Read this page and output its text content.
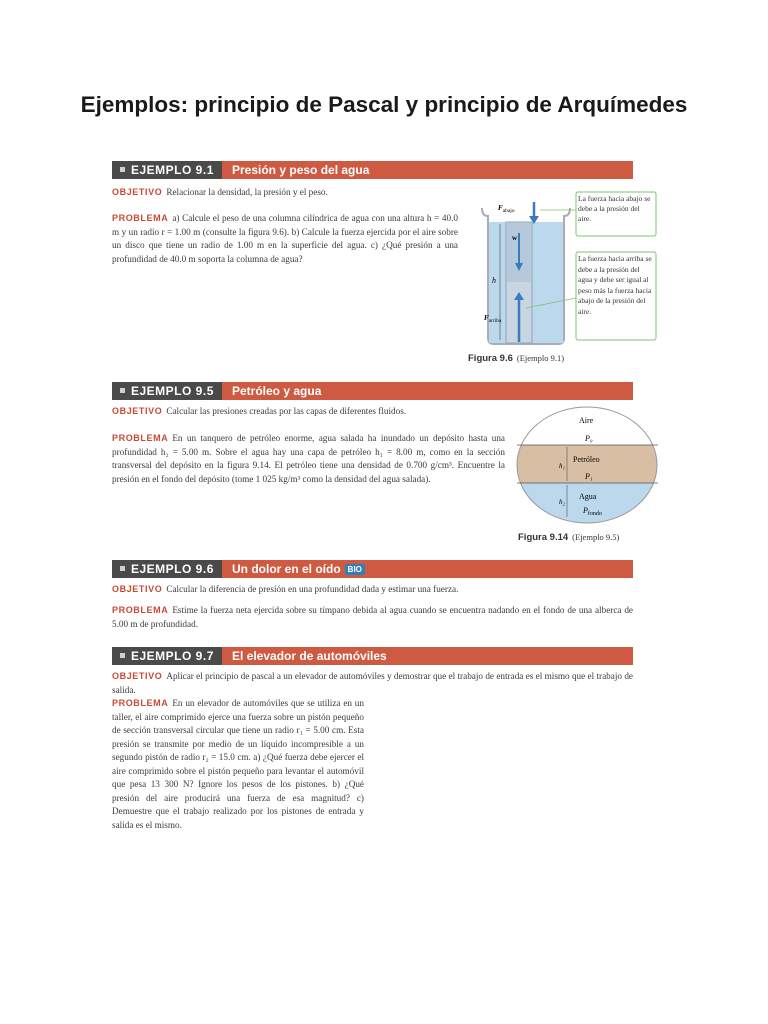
Ejemplos: principio de Pascal y principio de Arquímedes
EJEMPLO 9.1	Presión y peso del agua
OBJETIVO Relacionar la densidad, la presión y el peso.
PROBLEMA a) Calcule el peso de una columna cilíndrica de agua con una altura h = 40.0 m y un radio r = 1.00 m (consulte la figura 9.6). b) Calcule la fuerza ejercida por el aire sobre un disco que tiene un radio de 1.00 m en la superficie del agua. c) ¿Qué presión a una profundidad de 40.0 m soporta la columna de agua?
$F_{abajo}$
w
h
$F_{arriba}$
La fuerza hacia abajo se debe a la presión del aire.
La fuerza hacia arriba se debe a la presión del agua y debe ser igual al peso más la fuerza hacia abajo de la presión del aire.
Figura 9.6 (Ejemplo 9.1)
EJEMPLO 9.5	Petróleo y agua
OBJETIVO Calcular las presiones creadas por las capas de diferentes fluidos.
PROBLEMA En un tanquero de petróleo enorme, agua salada ha inundado un depósito hasta una profundidad h₂ = 5.00 m. Sobre el agua hay una capa de petróleo h₁ = 8.00 m, como en la sección transversal del depósito en la figura 9.14. El petróleo tiene una densidad de 0.700 g/cm³. Encuentre la presión en el fondo del depósito (tome 1 025 kg/m³ como la densidad del agua salada).
Aire
P₀
Petróleo
h₁
P₁
Agua
h₂
$P_{fondo}$
Figura 9.14 (Ejemplo 9.5)
EJEMPLO 9.6	Un dolor en el oído BIO
OBJETIVO Calcular la diferencia de presión en una profundidad dada y estimar una fuerza.
PROBLEMA Estime la fuerza neta ejercida sobre su tímpano debida al agua cuando se encuentra nadando en el fondo de una alberca de 5.00 m de profundidad.
EJEMPLO 9.7	El elevador de automóviles
OBJETIVO Aplicar el principio de pascal a un elevador de automóviles y demostrar que el trabajo de entrada es el mismo que el trabajo de salida.
PROBLEMA En un elevador de automóviles que se utiliza en un taller, el aire comprimido ejerce una fuerza sobre un pistón pequeño de sección transversal circular que tiene un radio r₁ = 5.00 cm. Esta presión se transmite por medio de un líquido incompresible a un segundo pistón de radio r₂ = 15.0 cm. a) ¿Qué fuerza debe ejercer el aire comprimido sobre el pistón pequeño para levantar el automóvil que pesa 13 300 N? Ignore los pesos de los pistones. b) ¿Qué presión del aire producirá una fuerza de esa magnitud? c) Demuestre que el trabajo realizado por los pistones de entrada y salida es el mismo.
